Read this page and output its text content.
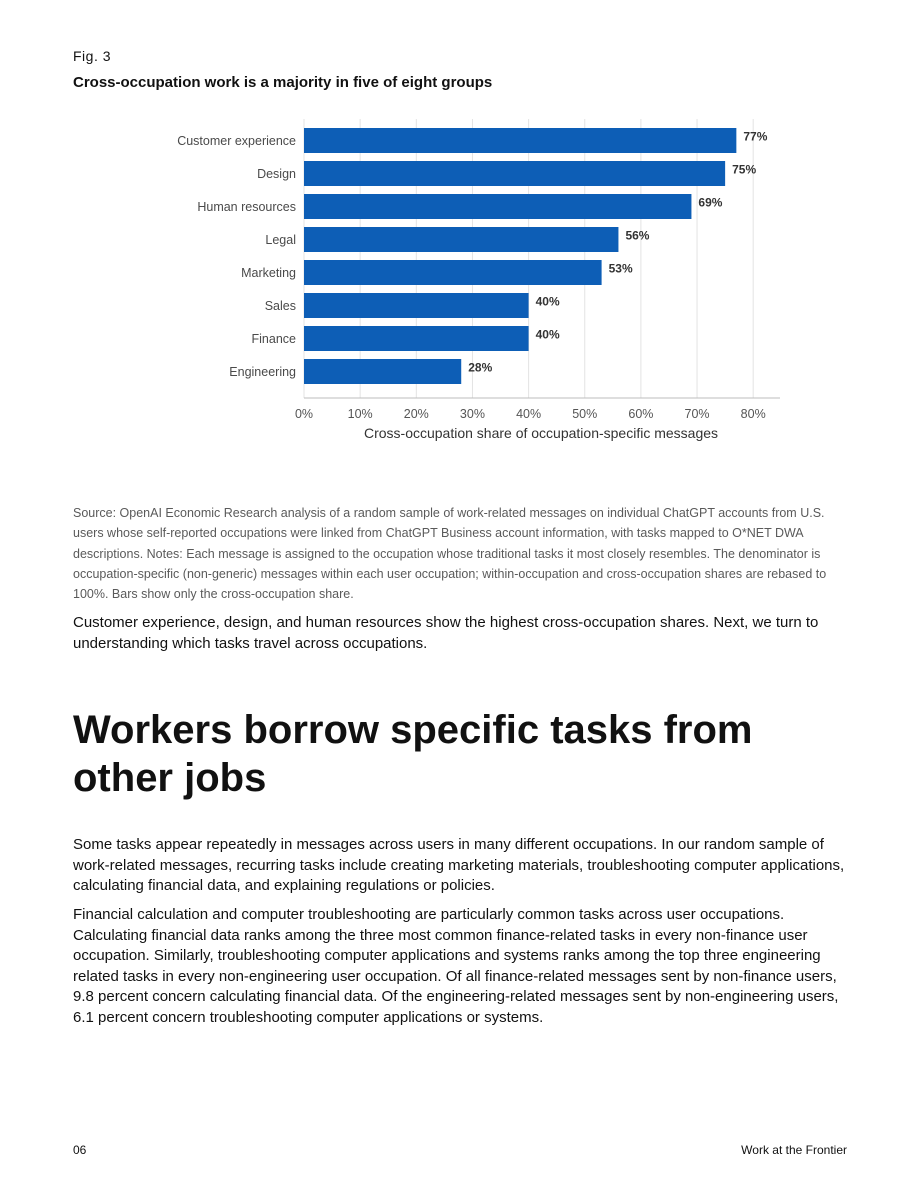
Fig. 3
Cross-occupation work is a majority in five of eight groups
Customer experience
Design
Human resources
Legal
Marketing
Sales
Finance
Engineering
77%
75%
69%
56%
53%
40%
40%
28%
0%	10% 20% 30% 40% 50% 60% 70% 80%
Cross-occupation share of occupation-specific messages
Source: OpenAI Economic Research analysis of a random sample of work-related messages on individual ChatGPT accounts from U.S. users whose self-reported occupations were linked from ChatGPT Business account information, with tasks mapped to O*NET DWA descriptions. Notes: Each message is assigned to the occupation whose traditional tasks it most closely resembles. The denominator is occupation-specific (non-generic) messages within each user occupation; within-occupation and cross-occupation shares are rebased to 100%. Bars show only the cross-occupation share.

Customer experience, design, and human resources show the highest cross-occupation shares. Next, we turn to understanding which tasks travel across occupations.

Workers borrow specific tasks from other jobs

Some tasks appear repeatedly in messages across users in many different occupations. In our random sample of work-related messages, recurring tasks include creating marketing materials, troubleshooting computer applications, calculating financial data, and explaining regulations or policies.

Financial calculation and computer troubleshooting are particularly common tasks across user occupations. Calculating financial data ranks among the three most common finance-related tasks in every non-finance user occupation. Similarly, troubleshooting computer applications and systems ranks among the top three engineering related tasks in every non-engineering user occupation. Of all finance-related messages sent by non-finance users, 9.8 percent concern calculating financial data. Of the engineering-related messages sent by non-engineering users, 6.1 percent concern troubleshooting computer applications or systems.

06	Work at the Frontier
